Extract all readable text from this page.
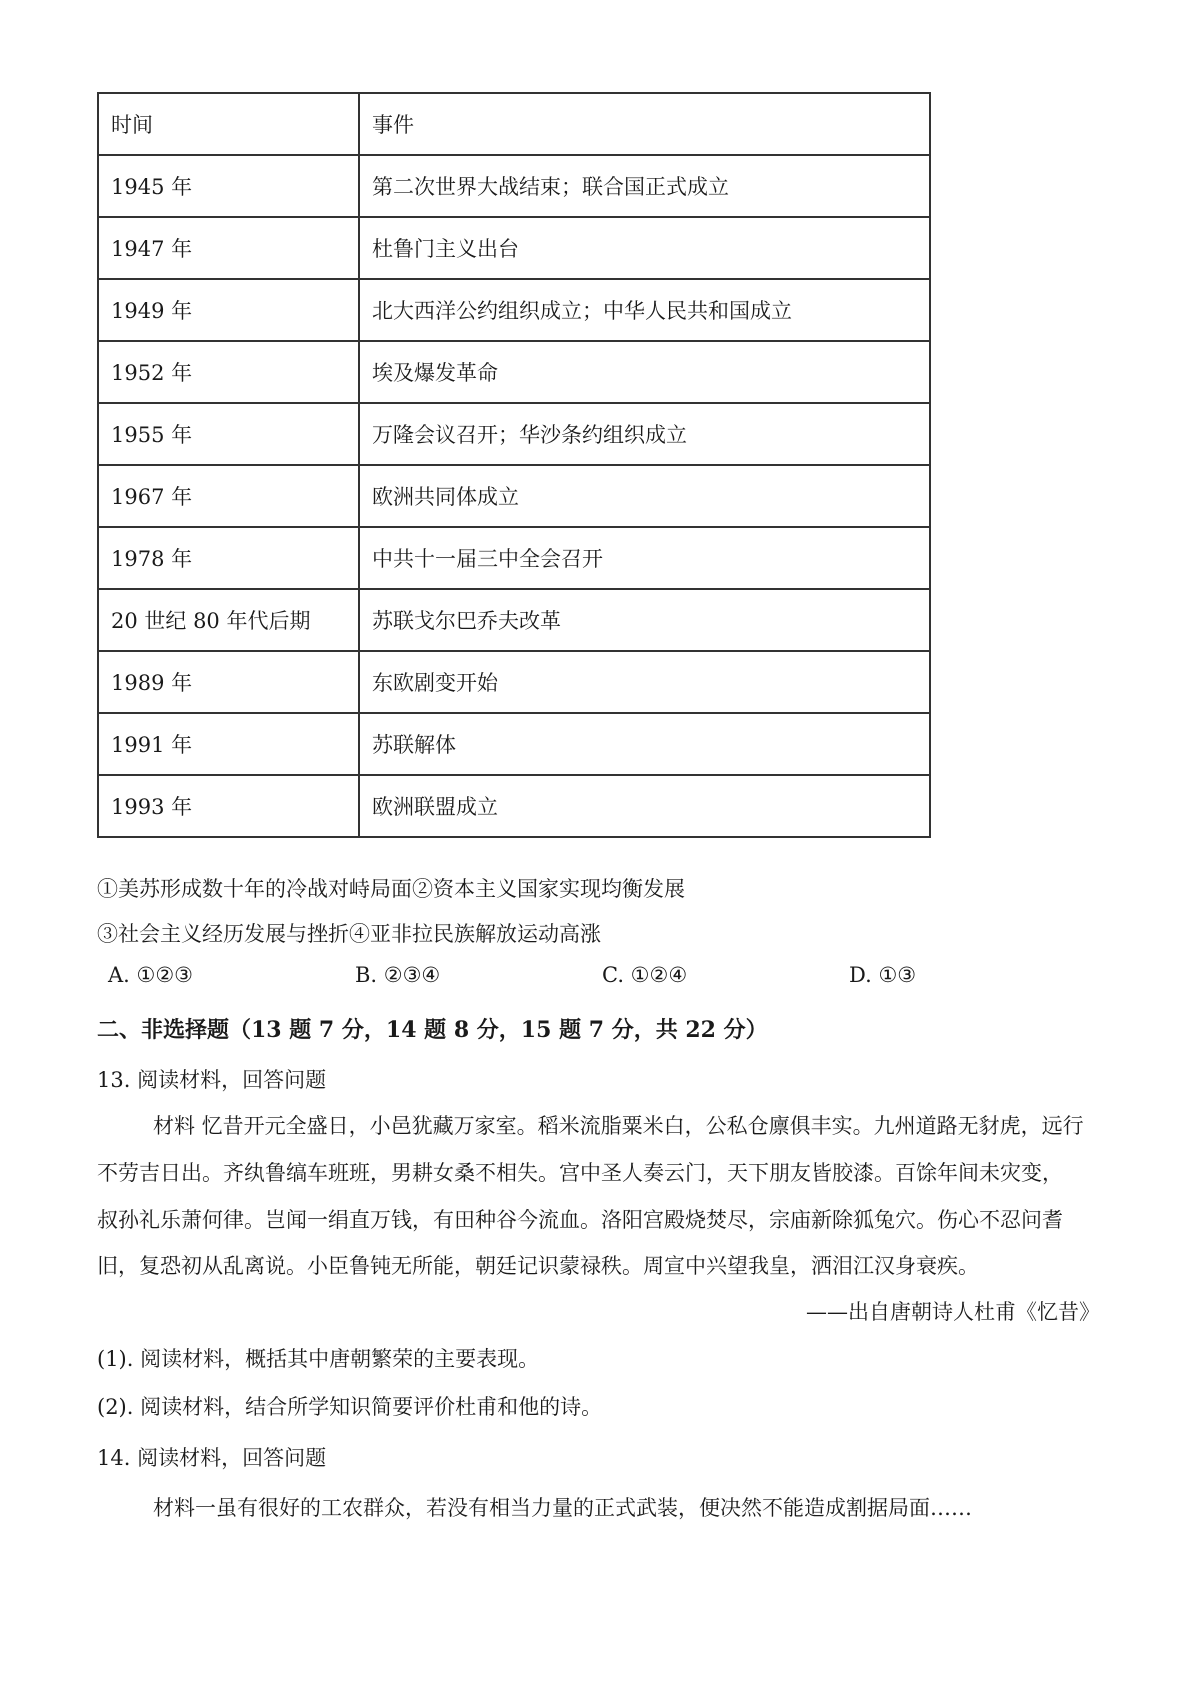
时间	事件
1945 年	第二次世界大战结束；联合国正式成立
1947 年	杜鲁门主义出台
1949 年	北大西洋公约组织成立；中华人民共和国成立
1952 年	埃及爆发革命
1955 年	万隆会议召开；华沙条约组织成立
1967 年	欧洲共同体成立
1978 年	中共十一届三中全会召开
20 世纪 80 年代后期	苏联戈尔巴乔夫改革
1989 年	东欧剧变开始
1991 年	苏联解体
1993 年	欧洲联盟成立
①美苏形成数十年的冷战对峙局面②资本主义国家实现均衡发展
③社会主义经历发展与挫折④亚非拉民族解放运动高涨
A. ①②③	B. ②③④	C. ①②④	D. ①③
二、非选择题（13 题 7 分，14 题 8 分，15 题 7 分，共 22 分）
13. 阅读材料，回答问题
材料 忆昔开元全盛日，小邑犹藏万家室。稻米流脂粟米白，公私仓廪俱丰实。九州道路无豺虎，远行
不劳吉日出。齐纨鲁缟车班班，男耕女桑不相失。宫中圣人奏云门，天下朋友皆胶漆。百馀年间未灾变，
叔孙礼乐萧何律。岂闻一绢直万钱，有田种谷今流血。洛阳宫殿烧焚尽，宗庙新除狐兔穴。伤心不忍问耆
旧，复恐初从乱离说。小臣鲁钝无所能，朝廷记识蒙禄秩。周宣中兴望我皇，洒泪江汉身衰疾。
——出自唐朝诗人杜甫《忆昔》
(1). 阅读材料，概括其中唐朝繁荣的主要表现。
(2). 阅读材料，结合所学知识简要评价杜甫和他的诗。
14. 阅读材料，回答问题
材料一虽有很好的工农群众，若没有相当力量的正式武装，便决然不能造成割据局面……
